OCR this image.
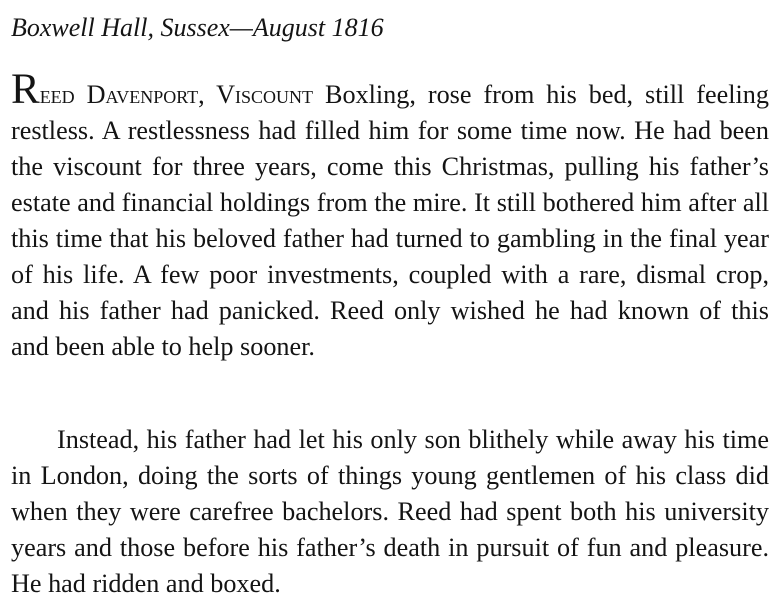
Boxwell Hall, Sussex—August 1816

Reed Davenport, Viscount Boxling, rose from his bed, still feeling restless. A restlessness had filled him for some time now. He had been the viscount for three years, come this Christmas, pulling his father’s estate and financial holdings from the mire. It still bothered him after all this time that his beloved father had turned to gambling in the final year of his life. A few poor investments, coupled with a rare, dismal crop, and his father had panicked. Reed only wished he had known of this and been able to help sooner.

Instead, his father had let his only son blithely while away his time in London, doing the sorts of things young gentlemen of his class did when they were carefree bachelors. Reed had spent both his university years and those before his father’s death in pursuit of fun and pleasure. He had ridden and boxed.
